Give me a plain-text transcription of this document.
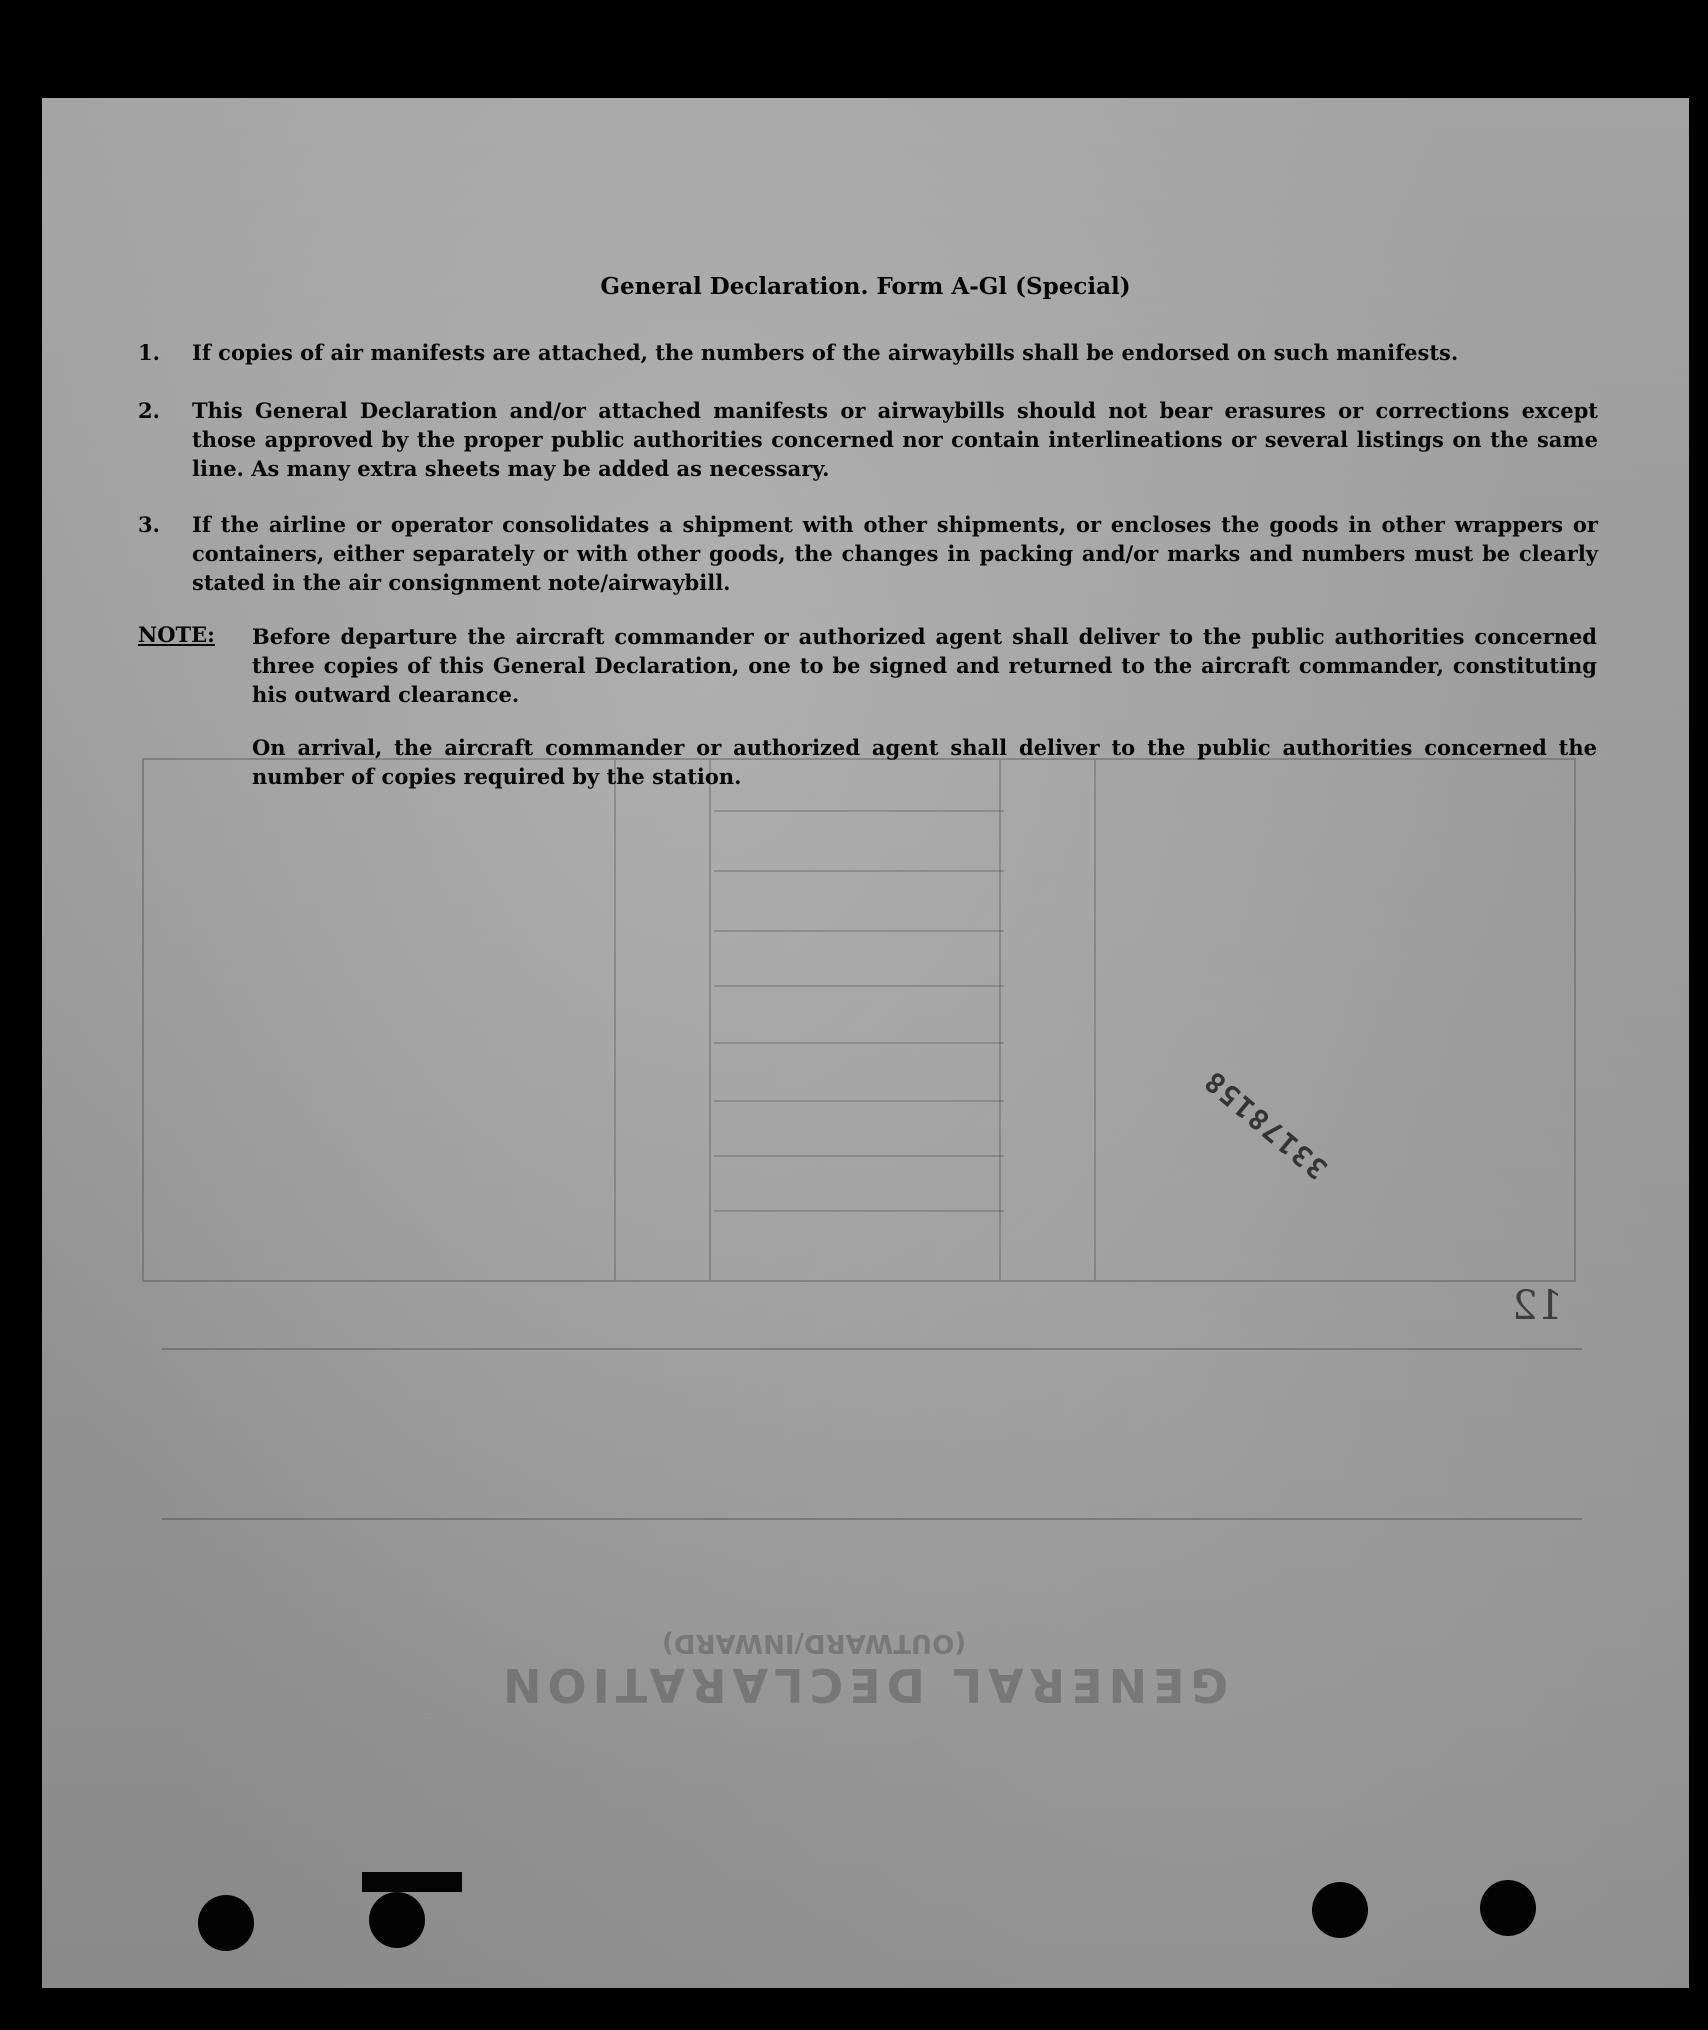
GENERAL DECLARATION
(OUTWARD/INWARD)
General Declaration. Form A-Gl (Special)
1.	If copies of air manifests are attached, the numbers of the airwaybills shall be endorsed on such manifests.
2.	This General Declaration and/or attached manifests or airwaybills should not bear erasures or corrections except those approved by the proper public authorities concerned nor contain interlineations or several listings on the same line. As many extra sheets may be added as necessary.
3.	If the airline or operator consolidates a shipment with other shipments, or encloses the goods in other wrappers or containers, either separately or with other goods, the changes in packing and/or marks and numbers must be clearly stated in the air consignment note/airwaybill.
NOTE: Before departure the aircraft commander or authorized agent shall deliver to the public authorities concerned three copies of this General Declaration, one to be signed and returned to the aircraft commander, constituting his outward clearance.
On arrival, the aircraft commander or authorized agent shall deliver to the public authorities concerned the number of copies required by the station.
33178158
12
